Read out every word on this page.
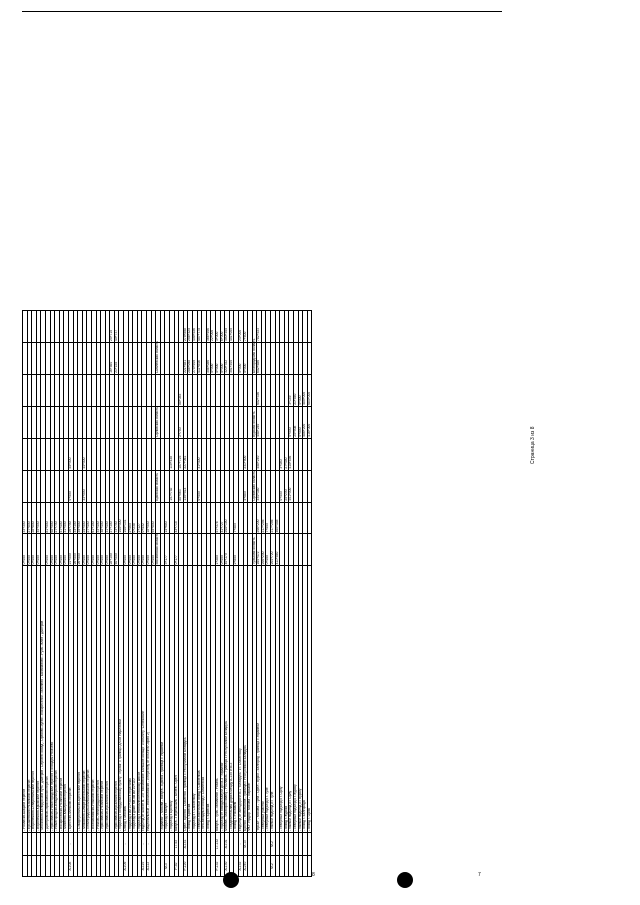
		- Рязанско-Шацкий перегон	0+000	33+300						
		- Ерышевский Рязанский перегон	0+000	27+800						
		- Воронежско-Ставропольский перегон	0+000	28+800						
		- Воронежско-Крымский перегон	0+000	45+000						
		"Московско-Белорусский путь" Дмитров - Сергиев Посад - Орехово-Зуево - Воскресенск - Михнево - Балабаново - Руза - Клин - Дмитров								
		- Дмитровско-Ярославский перегон	0+000	81+500						
		- Ярославско-Нижегородский перегон с обходом Рогачево	0+000	68+000						
		- Нижегородско-Владимирский перегон	0+000	27+700						
		- Воскресенско-Рязанский перегон	0+000	57+400						
		- Михнево-Каширский перегон	0+000	31+000						
A-108	-	- Брестско-Минский перегон	21+000	26+700	0+000	55+000				
			26+000	33+100						
		- Симферопольско-Брестский перегон	26+000	39+000						
		- Можайско-Симферопольский перегон	0+000	24+000	33+000	44+500				
		- Ленинградско-Волоколамский перегон	0+000	27+400						
		- Волоколамско-Рижский перегон	0+000	61+100						
		- Рижско-Ленинградский перегон	0+000	33+400						
		- Ярославско-Рязанский перегон	0+000	48+400						
		- Ярославско-Крымский перегон	0+000	31+400						
			28+100	27+100					16+460	25+710
		- Ярославско-Крымский перегон	60+000	73+700					21+155	40+737
		- подъезд к оборудованному пункту "Терлак" с границы дл-ой Нариловой		100+000						
A-109	-	Обход г. Москва	0+000	100+131						
		- подъезд к км 10+384 в перегонах	0+000	2+060						
		- подъезд к доме МК км км 10+110	0+000	0+238						
		- подъезд к Новоалексеевскому шоссе	0+000	1+127						
A-110	-	Подъезд от шоссе м. 1/0 "Московское Большое кольцо" к объекту "Сенежский"	0+000	0+432						
A-112	-	Национальный - Волоколамско - к перегону от объекта Чорно 2)	0+000	18+000						
			0+000	69+800						
			Московская область		Брянская область		Орловская область		Смоленская область	
		"Украина" - Москва - Калуга - Брянск - граница с Украиной								
M-3		- подъезд к Калуге	3+177	14+680						
		- подъезд к Брянску			107+752	119+438				
P-92	17-92	Калуга - Перемышль - Белёв - Орёл	0+177	43+715						
					88+963	187+725	2+750	88+083		
P-120	A-141	Орёл - Брянск - Смоленск - граница с Республикой Беларусь			139+914	227+061			221+581	275+898
		- обход г. Брянска							288+098	298+325
		- подъезд к г. Смоленску							275+909	409+536
		- северо-восточный обход г. Смоленска			0+000	31+400			411+846	457+775
		- юго-западный обход г. Смоленска								
		- обход г. Брянска							356+086	366+906
									0+000	22+000
P-132	17-132	Калуга - Тула - Михайлов - Рязань	1+280	57+378					0+000	3+000
		- подъезд от обхода Калуги до М-3 "Украина"	0+000	41+727					0+000	6+000
A-130	A-101	Москва - Малоярославец - Рославль - граница с Республикой Беларусь	40+170	205+190					320+782	390+300
		- соединительная дорога между А-130 и М-3							391+300	451+000
		- обход г. Рославля	2+800	7+580						
A-132	-	Подъезд от автодороги М-1 "Беларусь" к г. Смоленску							0+000	24+000
A-240	M-13	Брянск - Новозыбков - граница с Республикой Беларусь			4+880	231+500			0+000	7+400
		ФКУ Упрдор "Москва - Харьков"								
			Тульская область		Орловская область		Курская область		Белгородская область	
		"Крым" - Москва - Тула - Орёл - Курск - Белгород - граница с Украиной	160+472	206+200	334+380	458+240	458+240	652+336	652+586	782+533
		- северный участок	206+200	217+256						
		- северный подъезд к г. Туле	0+000	7+000						
M-2	M-2	- южный подъезд к г. Туле	204+720	217+256						
			411+460	469+558						
		- северный подъезд к г. Орлу			0+000	3+460				
		- обход г. Курска			25+200	27+450				
		- южный подъезд к г. Орлу			401+000	415+456	0+000	3+149		
		- северный подъезд к г. Курску					20+908	21+460		
		- южный подъезд к г. Курску					0+000	0+000		
		- обход г. Белгорода					586+200	589+000		
		- обход г. Орла					416+000	684+000		
Страница 3 из 8
8	7
